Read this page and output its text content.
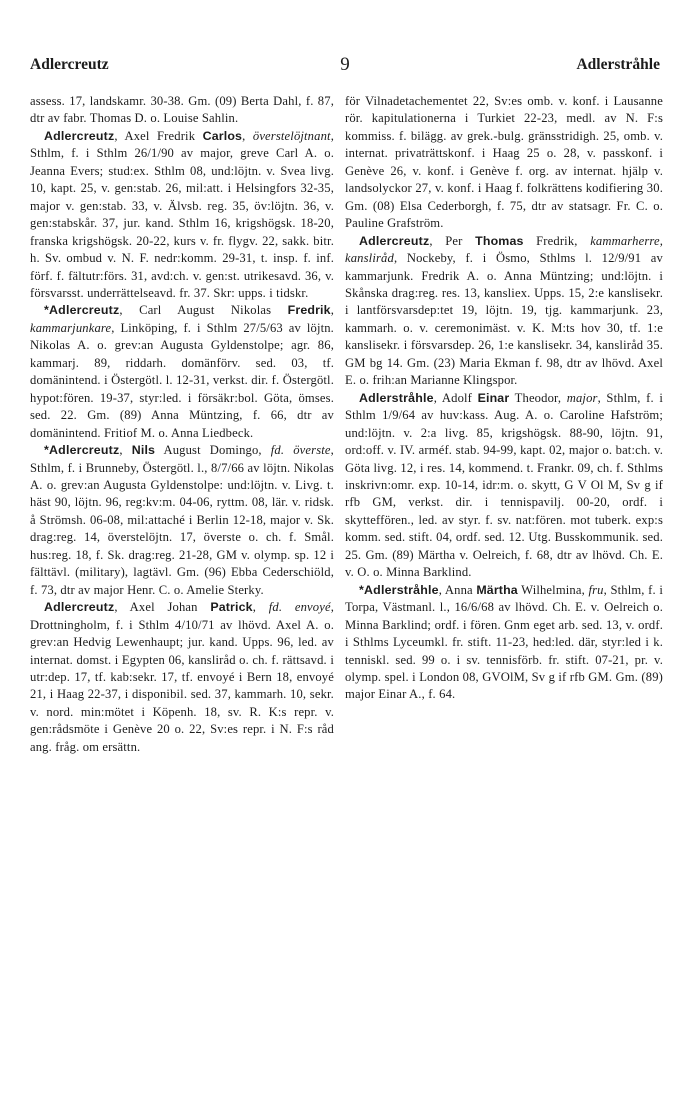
Adlercreutz	9	Adlerstråhle

assess. 17, landskamr. 30-38. Gm. (09) Berta Dahl, f. 87, dtr av fabr. Thomas D. o. Louise Sahlin.

Adlercreutz, Axel Fredrik Carlos, överstelöjtnant, Sthlm, f. i Sthlm 26/1/90 av major, greve Carl A. o. Jeanna Evers; stud:ex. Sthlm 08, und:löjtn. v. Svea livg. 10, kapt. 25, v. gen:stab. 26, mil:att. i Helsingfors 32-35, major v. gen:stab. 33, v. Älvsb. reg. 35, öv:löjtn. 36, v. gen:stabskår. 37, jur. kand. Sthlm 16, krigshögsk. 18-20, franska krigshögsk. 20-22, kurs v. fr. flygv. 22, sakk. bitr. h. Sv. ombud v. N. F. nedr:komm. 29-31, t. insp. f. inf. förf. f. fältutr:förs. 31, avd:ch. v. gen:st. utrikesavd. 36, v. försvarsst. underrättelseavd. fr. 37. Skr: upps. i tidskr.

*Adlercreutz, Carl August Nikolas Fredrik, kammarjunkare, Linköping, f. i Sthlm 27/5/63 av löjtn. Nikolas A. o. grev:an Augusta Gyldenstolpe; agr. 86, kammarj. 89, riddarh. domänförv. sed. 03, tf. domänintend. i Östergötl. l. 12-31, verkst. dir. f. Östergötl. hypot:fören. 19-37, styr:led. i försäkr:bol. Göta, ömses. sed. 22. Gm. (89) Anna Müntzing, f. 66, dtr av domänintend. Fritiof M. o. Anna Liedbeck.

*Adlercreutz, Nils August Domingo, fd. överste, Sthlm, f. i Brunneby, Östergötl. l., 8/7/66 av löjtn. Nikolas A. o. grev:an Augusta Gyldenstolpe: und:löjtn. v. Livg. t. häst 90, löjtn. 96, reg:kv:m. 04-06, ryttm. 08, lär. v. ridsk. å Strömsh. 06-08, mil:attaché i Berlin 12-18, major v. Sk. drag:reg. 14, överstelöjtn. 17, överste o. ch. f. Smål. hus:reg. 18, f. Sk. drag:reg. 21-28, GM v. olymp. sp. 12 i fälttävl. (military), lagtävl. Gm. (96) Ebba Cederschiöld, f. 73, dtr av major Henr. C. o. Amelie Sterky.

Adlercreutz, Axel Johan Patrick, fd. envoyé, Drottningholm, f. i Sthlm 4/10/71 av lhövd. Axel A. o. grev:an Hedvig Lewenhaupt; jur. kand. Upps. 96, led. av internat. domst. i Egypten 06, kansliråd o. ch. f. rättsavd. i utr:dep. 17, tf. kab:sekr. 17, tf. envoyé i Bern 18, envoyé 21, i Haag 22-37, i disponibil. sed. 37, kammarh. 10, sekr. v. nord. min:mötet i Köpenh. 18, sv. R. K:s repr. v. gen:rådsmöte i Genève 20 o. 22, Sv:es repr. i N. F:s råd ang. fråg. om ersättn.

för Vilnadetachementet 22, Sv:es omb. v. konf. i Lausanne rör. kapitulationerna i Turkiet 22-23, medl. av N. F:s kommiss. f. bilägg. av grek.-bulg. gränsstridigh. 25, omb. v. internat. privaträttskonf. i Haag 25 o. 28, v. passkonf. i Genève 26, v. konf. i Genève f. org. av internat. hjälp v. landsolyckor 27, v. konf. i Haag f. folkrättens kodifiering 30. Gm. (08) Elsa Cederborgh, f. 75, dtr av statsagr. Fr. C. o. Pauline Grafström.

Adlercreutz, Per Thomas Fredrik, kammarherre, kansliråd, Nockeby, f. i Ösmo, Sthlms l. 12/9/91 av kammarjunk. Fredrik A. o. Anna Müntzing; und:löjtn. i Skånska drag:reg. res. 13, kansliex. Upps. 15, 2:e kanslisekr. i lantförsvarsdep:tet 19, löjtn. 19, tjg. kammarjunk. 23, kammarh. o. v. ceremonimäst. v. K. M:ts hov 30, tf. 1:e kanslisekr. i försvarsdep. 26, 1:e kanslisekr. 34, kansliråd 35. GM bg 14. Gm. (23) Maria Ekman f. 98, dtr av lhövd. Axel E. o. frih:an Marianne Klingspor.

Adlerstråhle, Adolf Einar Theodor, major, Sthlm, f. i Sthlm 1/9/64 av huv:kass. Aug. A. o. Caroline Hafström; und:löjtn. v. 2:a livg. 85, krigshögsk. 88-90, löjtn. 91, ord:off. v. IV. arméf. stab. 94-99, kapt. 02, major o. bat:ch. v. Göta livg. 12, i res. 14, kommend. t. Frankr. 09, ch. f. Sthlms inskrivn:omr. exp. 10-14, idr:m. o. skytt, G V Ol M, Sv g if rfb GM, verkst. dir. i tennispavilj. 00-20, ordf. i skytteffören., led. av styr. f. sv. nat:fören. mot tuberk. exp:s komm. sed. stift. 04, ordf. sed. 12. Utg. Busskommunik. sed. 25. Gm. (89) Märtha v. Oelreich, f. 68, dtr av lhövd. Ch. E. v. O. o. Minna Barklind.

*Adlerstråhle, Anna Märtha Wilhelmina, fru, Sthlm, f. i Torpa, Västmanl. l., 16/6/68 av lhövd. Ch. E. v. Oelreich o. Minna Barklind; ordf. i fören. Gnm eget arb. sed. 13, v. ordf. i Sthlms Lyceumkl. fr. stift. 11-23, hed:led. där, styr:led i k. tenniskl. sed. 99 o. i sv. tennisförb. fr. stift. 07-21, pr. v. olymp. spel. i London 08, GVOlM, Sv g if rfb GM. Gm. (89) major Einar A., f. 64.
